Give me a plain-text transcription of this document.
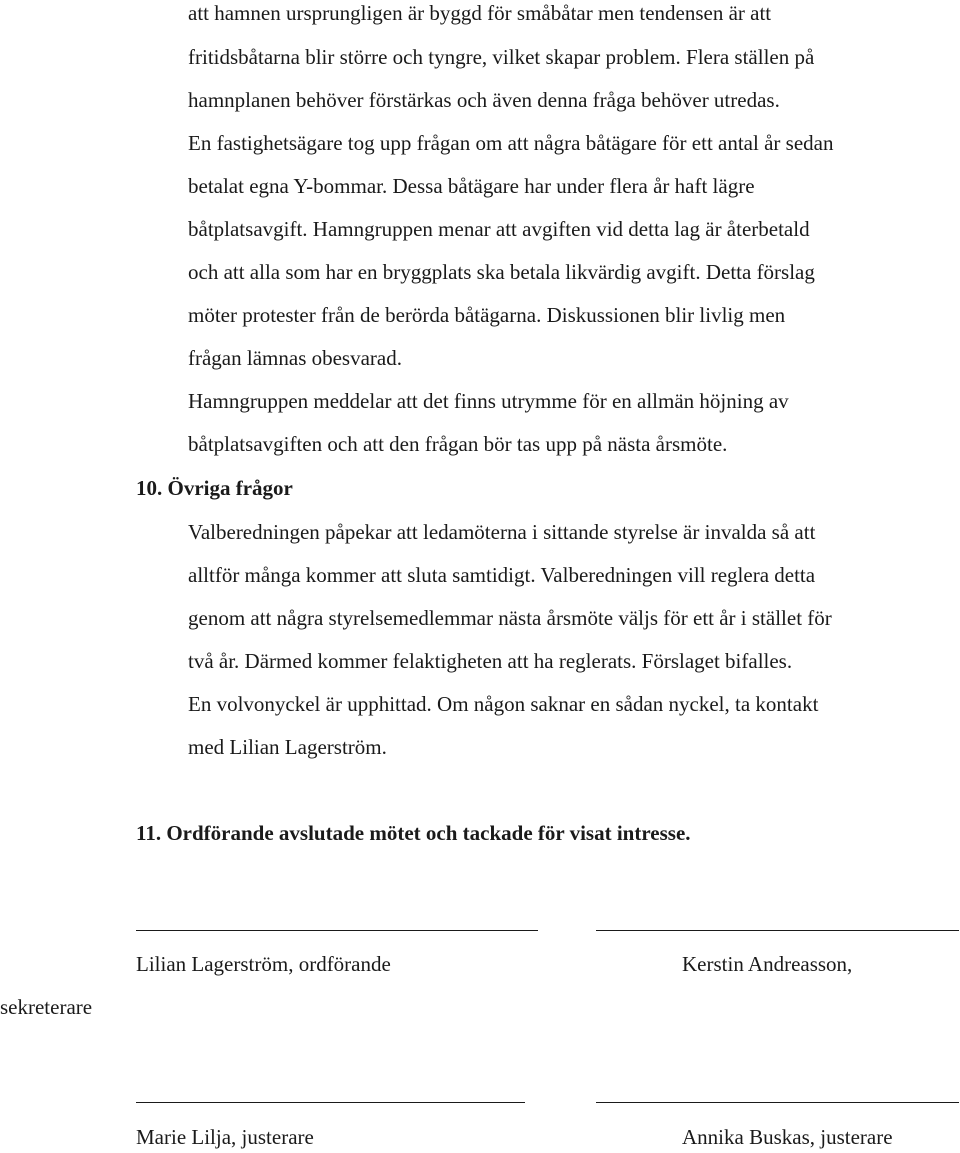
att hamnen ursprungligen är byggd för småbåtar men tendensen är att
fritidsbåtarna blir större och tyngre, vilket skapar problem. Flera ställen på
hamnplanen behöver förstärkas och även denna fråga behöver utredas.
En fastighetsägare tog upp frågan om att några båtägare för ett antal år sedan
betalat egna Y-bommar. Dessa båtägare har under flera år haft lägre
båtplatsavgift. Hamngruppen menar att avgiften vid detta lag är återbetald
och att alla som har en bryggplats ska betala likvärdig avgift. Detta förslag
möter protester från de berörda båtägarna. Diskussionen blir livlig men
frågan lämnas obesvarad.
Hamngruppen meddelar att det finns utrymme för en allmän höjning av
båtplatsavgiften och att den frågan bör tas upp på nästa årsmöte.
10. Övriga frågor
Valberedningen påpekar att ledamöterna i sittande styrelse är invalda så att
alltför många kommer att sluta samtidigt. Valberedningen vill reglera detta
genom att några styrelsemedlemmar nästa årsmöte väljs för ett år i stället för
två år. Därmed kommer felaktigheten att ha reglerats. Förslaget bifalles.
En volvonyckel är upphittad. Om någon saknar en sådan nyckel, ta kontakt
med Lilian Lagerström.
11. Ordförande avslutade mötet och tackade för visat intresse.
Lilian Lagerström, ordförande	Kerstin Andreasson,
sekreterare
Marie Lilja, justerare	Annika Buskas, justerare
